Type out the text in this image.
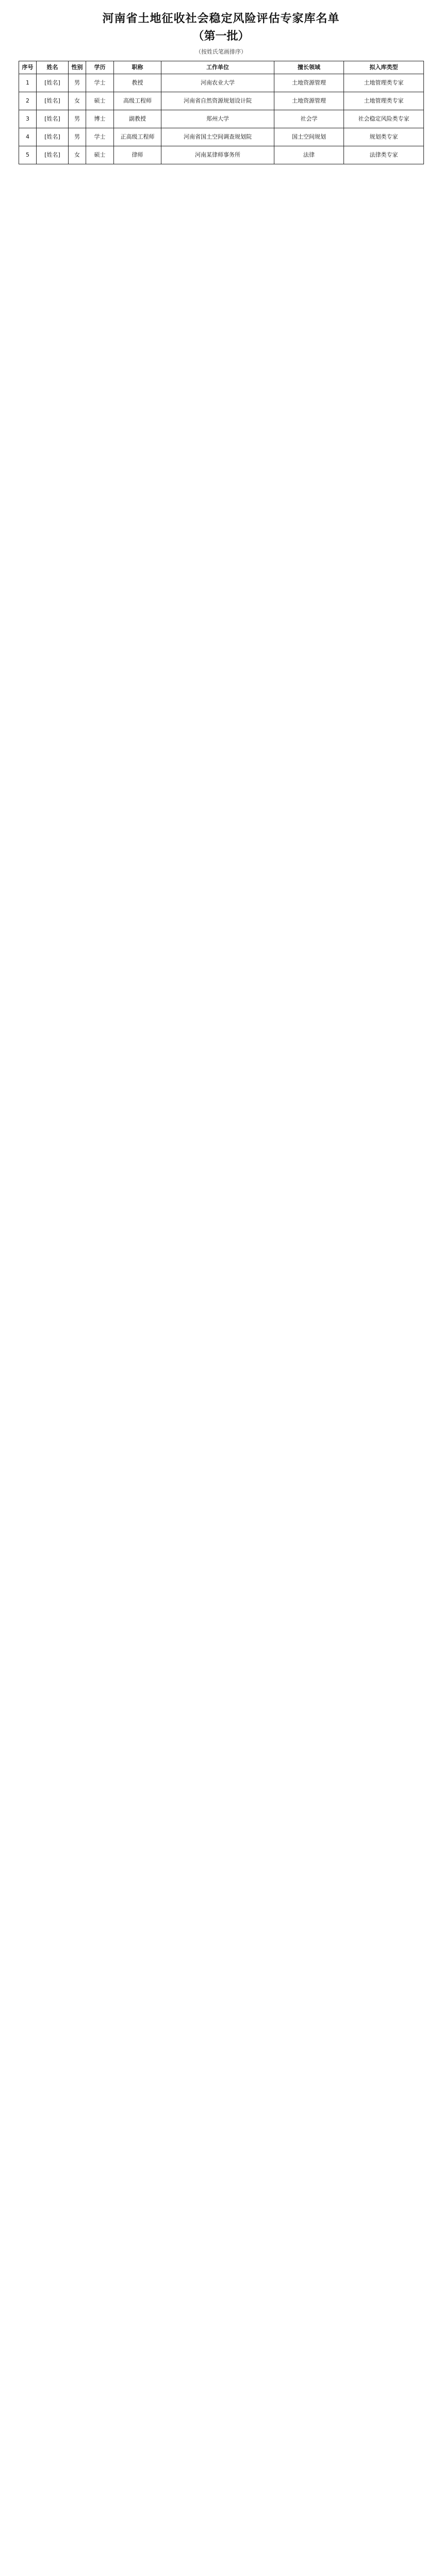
河南省土地征收社会稳定风险评估专家库名单
（第一批）
（按姓氏笔画排序）
序号	姓名	性别	学历	职称	工作单位	擅长领域	拟入库类型
1	[姓名]	男	学士	教授	河南农业大学	土地资源管理	土地管理类专家
2	[姓名]	女	硕士	高级工程师	河南省自然资源规划设计院	土地资源管理	土地管理类专家
3	[姓名]	男	博士	副教授	郑州大学	社会学	社会稳定风险类专家
4	[姓名]	男	学士	正高级工程师	河南省国土空间调查规划院	国土空间规划	规划类专家
5	[姓名]	女	硕士	律师	河南某律师事务所	法律	法律类专家
